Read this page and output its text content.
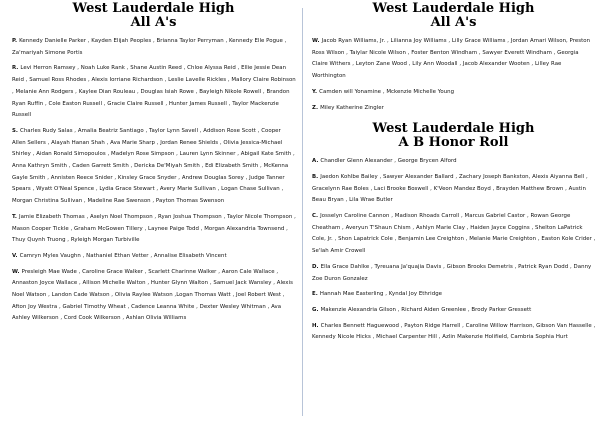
West Lauderdale High
All A's

P. Kennedy Danielle Parker , Kayden Elijah Peoples , Brianna Taylor Perryman , Kennedy Elle Pogue , Za'mariyah Simone Portis

R. Levi Herron Ramsey , Noah Luke Rank , Shane Austin Reed , Chloe Alyssa Reid , Ellie Jessie Dean Reid , Samuel Ross Rhodes , Alexis Iorriane Richardson , Leslie Lavelle Rickles , Mallory Claire Robinson , Melanie Ann Rodgers , Kaylee Dian Rouleau , Douglas Isiah Rowe , Bayleigh Nikole Rowell , Brandon Ryan Ruffin , Cole Easton Russell , Gracie Claire Russell , Hunter James Russell , Taylor Mackenzie Russell

S. Charles Rudy Salas , Amalia Beatriz Santiago , Taylor Lynn Savell , Addison Rose Scott , Cooper Allen Sellers , Alayah Hanan Shah , Ava Marie Sharp , Jordan Renee Shields , Olivia Jessica-Michael Shirley , Aidan Ronald Simopoulos , Madelyn Rose Simpson , Lauren Lynn Skinner , Abigail Kate Smith , Anna Kathryn Smith , Caden Garrett Smith , Dericka De'Miyah Smith , Edi Elizabeth Smith , McKenna Gayle Smith , Annisten Reece Snider , Kinsley Grace Snyder , Andrew Douglas Sorey , Judge Tanner Spears , Wyatt O'Neal Spence , Lydia Grace Stewart , Avery Marie Sullivan , Logan Chase Sullivan , Morgan Christina Sullivan , Madeline Rae Swenson , Payton Thomas Swenson

T. Jamie Elizabeth Thomas , Aselyn Noel Thompson , Ryan Joshua Thompson , Taylor Nicole Thompson , Mason Cooper Tickle , Graham McGowen Tillery , Laynee Paige Todd , Morgan Alexandria Townsend , Thuy Quynh Truong , Ryleigh Morgan Turbiville

V. Camryn Myles Vaughn , Nathaniel Ethan Vetter , Annalise Elisabeth Vincent

W. Presleigh Mae Wade , Caroline Grace Walker , Scarlett Charinne Walker , Aaron Cale Wallace , Annaston Joyce Wallace , Allison Michelle Walton , Hunter Glynn Walton , Samuel Jack Wansley , Alexis Noel Watson , Landon Cade Watson , Olivia Raylee Watson ,Logan Thomas Watt , Joel Robert West , Afton Joy Westra , Gabriel Timothy Wheat , Cadence Leanna White , Dexter Wesley Whitman , Ava Ashley Wilkerson , Cord Cook Wilkerson , Ashlan Olivia Williams

West Lauderdale High
All A's

W. Jacob Ryan Williams, Jr. , Lilianna Joy Williams , Lilly Grace Williams , Jordan Amari Wilson, Preston Ross Wilson , Taiylar Nicole Wilson , Foster Benton Windham , Sawyer Everett Windham , Georgia Claire Withers , Leyton Zane Wood , Lily Ann Woodall , Jacob Alexander Wooten , Lilley Rae Worthington

Y. Camden will Yonamine , Mckenzie Michelle Young

Z. Miley Katherine Zingler

West Lauderdale High
A B Honor Roll

A. Chandler Glenn Alexander , George Brycen Alford

B. Jaedon Kohlbe Bailey , Sawyer Alexander Ballard , Zachary Joseph Bankston, Alexis Aiyanna Bell , Gracelynn Rae Boles , Laci Brooke Boswell , K'Veon Mandez Boyd , Brayden Matthew Brown , Austin Beau Bryan , Lila Wrae Butler

C. Josselyn Caroline Cannon , Madison Rhoads Carroll , Marcus Gabriel Castor , Rowan George Cheatham , Averyun T'Shaun Chism , Ashlyn Marie Clay , Haiden Jayce Coggins , Shelton LaPatrick Cole, Jr. , Shon Lapatrick Cole , Benjamin Lee Creighton , Melanie Marie Creighton , Easton Kole Crider , Se'lah Amir Crowell

D. Ella Grace Dahlke , Tyreuana Ja'quajia Davis , Gibson Brooks Demetris , Patrick Ryan Dodd , Danny Zoe Duron Gonzalez

E. Hannah Mae Easterling , Kyndal Joy Ethridge

G. Makenzie Alexandria Gilson , Richard Aiden Greenlee , Brody Parker Gressett

H. Charles Bennett Haguewood , Payton Ridge Harrell , Caroline Willow Harrison, Gibson Van Hasselle , Kennedy Nicole Hicks , Michael Carpenter Hill , Azlin Makenzie Holifield, Cambria Sophia Hurt
